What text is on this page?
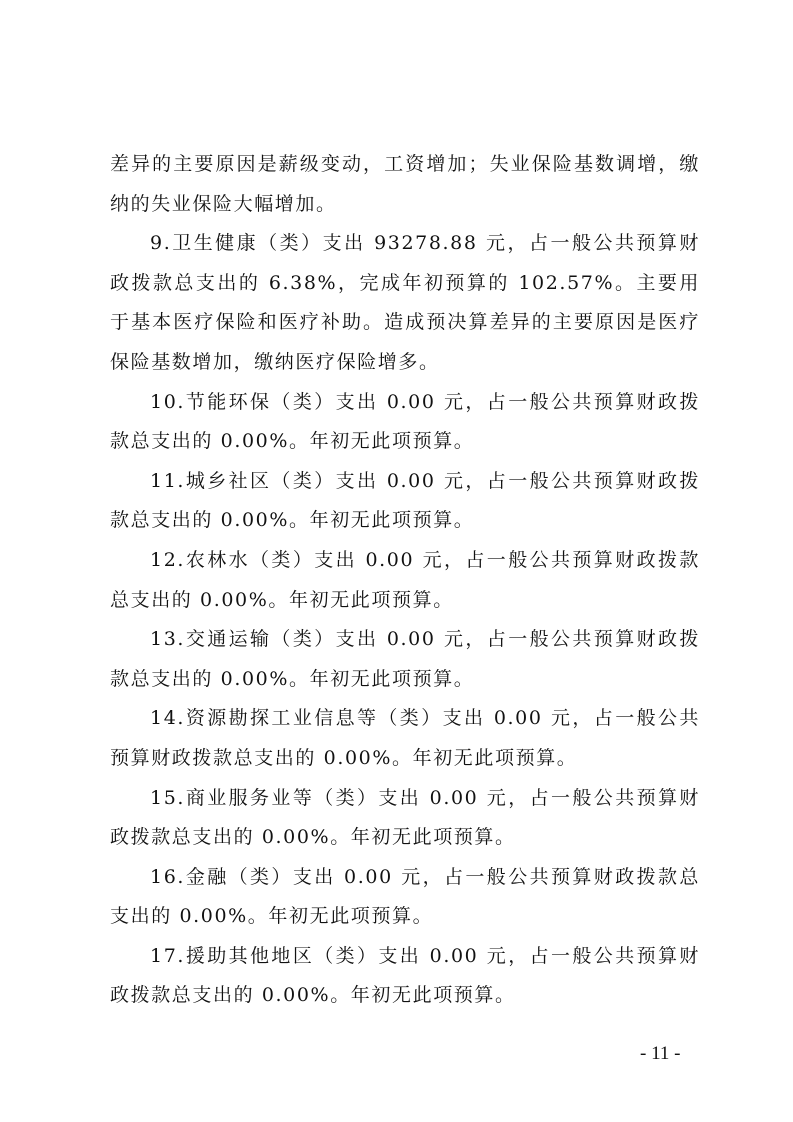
差异的主要原因是薪级变动，工资增加；失业保险基数调增，缴纳的失业保险大幅增加。

9.卫生健康（类）支出 93278.88 元，占一般公共预算财政拨款总支出的 6.38%，完成年初预算的 102.57%。主要用于基本医疗保险和医疗补助。造成预决算差异的主要原因是医疗保险基数增加，缴纳医疗保险增多。

10.节能环保（类）支出 0.00 元，占一般公共预算财政拨款总支出的 0.00%。年初无此项预算。

11.城乡社区（类）支出 0.00 元，占一般公共预算财政拨款总支出的 0.00%。年初无此项预算。

12.农林水（类）支出 0.00 元，占一般公共预算财政拨款总支出的 0.00%。年初无此项预算。

13.交通运输（类）支出 0.00 元，占一般公共预算财政拨款总支出的 0.00%。年初无此项预算。

14.资源勘探工业信息等（类）支出 0.00 元，占一般公共预算财政拨款总支出的 0.00%。年初无此项预算。

15.商业服务业等（类）支出 0.00 元，占一般公共预算财政拨款总支出的 0.00%。年初无此项预算。

16.金融（类）支出 0.00 元，占一般公共预算财政拨款总支出的 0.00%。年初无此项预算。

17.援助其他地区（类）支出 0.00 元，占一般公共预算财政拨款总支出的 0.00%。年初无此项预算。

- 11 -
